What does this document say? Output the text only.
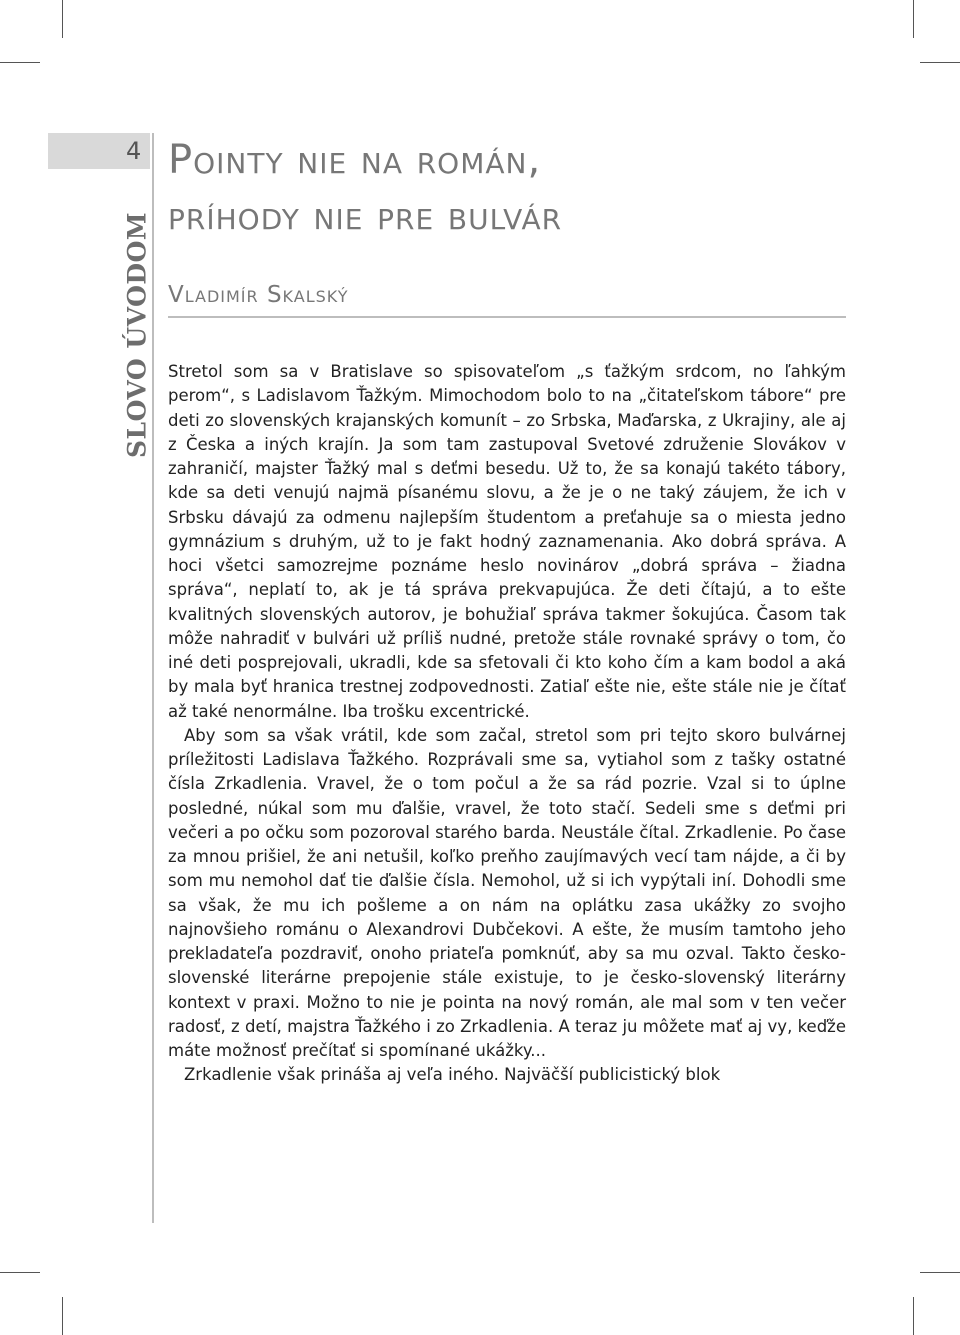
4
SLOVO ÚVODOM
Pointy nie na román,
príhody nie pre bulvár
Vladimír Skalský

Stretol som sa v Bratislave so spisovateľom „s ťažkým srdcom, no ľahkým perom“, s Ladislavom Ťažkým. Mimochodom bolo to na „čitateľskom tábore“ pre deti zo slovenských krajanských komunít – zo Srbska, Maďarska, z Ukrajiny, ale aj z Česka a iných krajín. Ja som tam zastupoval Svetové združenie Slovákov v zahraničí, majster Ťažký mal s deťmi besedu. Už to, že sa konajú takéto tábory, kde sa deti venujú najmä písanému slovu, a že je o ne taký záujem, že ich v Srbsku dávajú za odmenu najlepším študentom a preťahuje sa o miesta jedno gymnázium s druhým, už to je fakt hodný zaznamenania. Ako dobrá správa. A hoci všetci samozrejme poznáme heslo novinárov „dobrá správa – žiadna správa“, neplatí to, ak je tá správa prekvapujúca. Že deti čítajú, a to ešte kvalitných slovenských autorov, je bohužiaľ správa takmer šokujúca. Časom tak môže nahradiť v bulvári už príliš nudné, pretože stále rovnaké správy o tom, čo iné deti posprejovali, ukradli, kde sa sfetovali či kto koho čím a kam bodol a aká by mala byť hranica trestnej zodpovednosti. Zatiaľ ešte nie, ešte stále nie je čítať až také nenormálne. Iba trošku excentrické.

Aby som sa však vrátil, kde som začal, stretol som pri tejto skoro bulvárnej príležitosti Ladislava Ťažkého. Rozprávali sme sa, vytiahol som z tašky ostatné čísla Zrkadlenia. Vravel, že o tom počul a že sa rád pozrie. Vzal si to úplne posledné, núkal som mu ďalšie, vravel, že toto stačí. Sedeli sme s deťmi pri večeri a po očku som pozoroval starého barda. Neustále čítal. Zrkadlenie. Po čase za mnou prišiel, že ani netušil, koľko preňho zaujímavých vecí tam nájde, a či by som mu nemohol dať tie ďalšie čísla. Nemohol, už si ich vypýtali iní. Dohodli sme sa však, že mu ich pošleme a on nám na oplátku zasa ukážky zo svojho najnovšieho románu o Alexandrovi Dubčekovi. A ešte, že musím tamtoho jeho prekladateľa pozdraviť, onoho priateľa pomknúť, aby sa mu ozval. Takto česko-slovenské literárne prepojenie stále existuje, to je česko-slovenský literárny kontext v praxi. Možno to nie je pointa na nový román, ale mal som v ten večer radosť, z detí, majstra Ťažkého i zo Zrkadlenia. A teraz ju môžete mať aj vy, keďže máte možnosť prečítať si spomínané ukážky...

Zrkadlenie však prináša aj veľa iného. Najväčší publicistický blok
